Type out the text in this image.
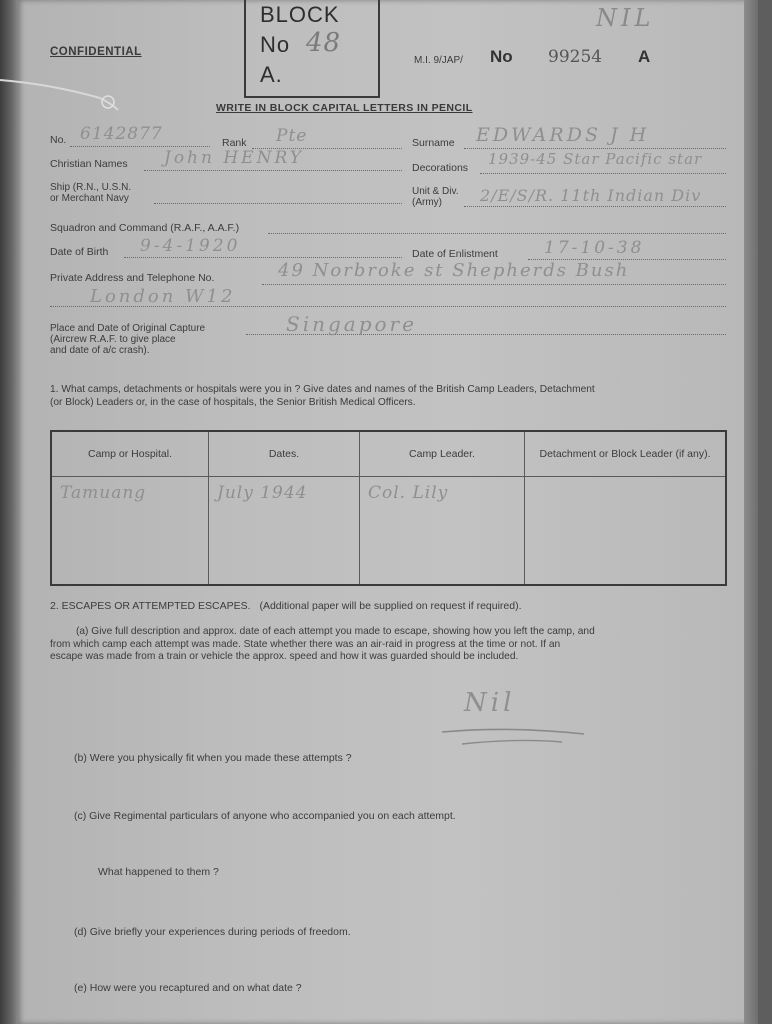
CONFIDENTIAL
BLOCK
No 48
A.
NIL
M.I. 9/JAP/ No 99254 A
WRITE IN BLOCK CAPITAL LETTERS IN PENCIL
No. 6142877	Rank Pte	Surname EDWARDS J H
Christian Names John HENRY	Decorations 1939-45 Star Pacific star
Ship (R.N., U.S.N.
or Merchant Navy
Unit & Div.
(Army)	2/E/S/R. 11th Indian Div
Squadron and Command (R.A.F., A.A.F.)
Date of Birth 9-4-1920	Date of Enlistment	17-10-38
Private Address and Telephone No.	49 Norbroke st Shepherds Bush
London W12
Place and Date of Original Capture
(Aircrew R.A.F. to give place
and date of a/c crash).
Singapore
1. What camps, detachments or hospitals were you in ? Give dates and names of the British Camp Leaders, Detachment
(or Block) Leaders or, in the case of hospitals, the Senior British Medical Officers.
Camp or Hospital.	Dates.	Camp Leader.	Detachment or Block Leader (if any).
Tamuang	July 1944	Col. Lily	
2. ESCAPES OR ATTEMPTED ESCAPES. (Additional paper will be supplied on request if required).
(a) Give full description and approx. date of each attempt you made to escape, showing how you left the camp, and
from which camp each attempt was made. State whether there was an air-raid in progress at the time or not. If an
escape was made from a train or vehicle the approx. speed and how it was guarded should be included.
Nil
(b) Were you physically fit when you made these attempts ?
(c) Give Regimental particulars of anyone who accompanied you on each attempt.
What happened to them ?
(d) Give briefly your experiences during periods of freedom.
(e) How were you recaptured and on what date ?
